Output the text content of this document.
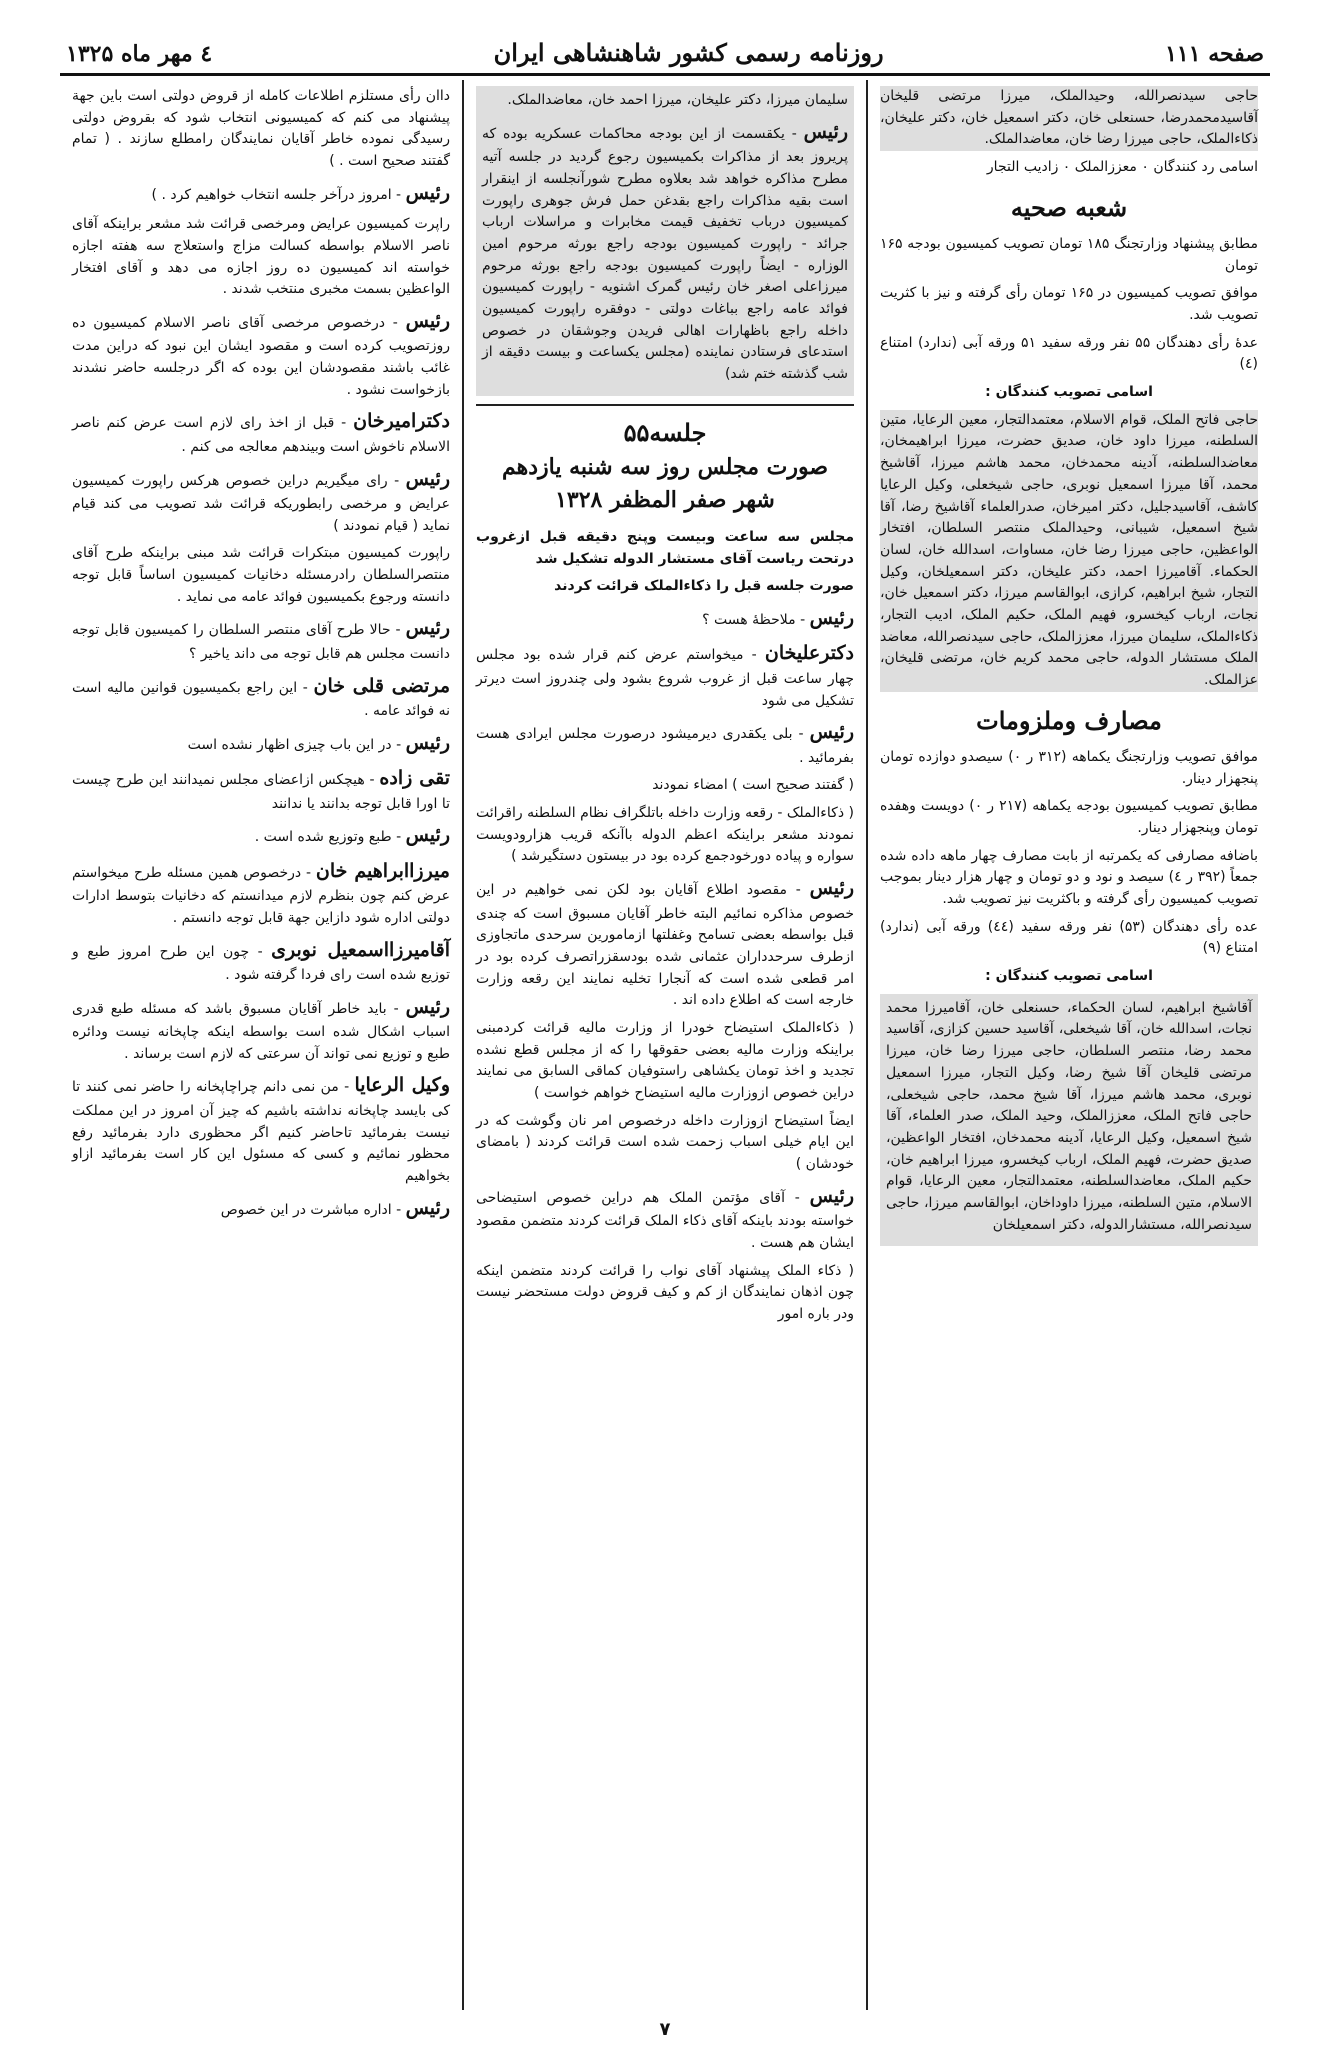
صفحه ۱۱۱
روزنامه رسمی کشور شاهنشاهی ایران
٤ مهر ماه ۱۳۲۵

حاجی سیدنصرالله، وحیدالملک، میرزا مرتضی قلیخان آقاسیدمحمدرضا، حسنعلی خان، دکتر اسمعیل خان، دکتر علیخان، ذکاءالملک، حاجی میرزا رضا خان، معاضدالملک.

اسامی رد کنندگان ۰ معززالملک ۰ زادیب التجار

شعبه صحیه

مطابق پیشنهاد وزارتجنگ ۱۸۵ تومان تصویب کمیسیون بودجه ۱۶۵ تومان

موافق تصویب کمیسیون در ۱۶۵ تومان رأی گرفته و نیز با کثریت تصویب شد.

عدهٔ رأی دهندگان ۵۵ نفر ورقه سفید ۵۱ ورقه آبی (ندارد) امتناع (٤)

اسامی تصویب کنندگان :

حاجی فاتح الملک، قوام الاسلام، معتمدالتجار، معین الرعایا، متین السلطنه، میرزا داود خان، صدیق حضرت، میرزا ابراهیمخان، معاضدالسلطنه، آدینه محمدخان، محمد هاشم میرزا، آقاشیخ محمد، آقا میرزا اسمعیل نوبری، حاجی شیخعلی، وکیل الرعایا کاشف، آقاسیدجلیل، دکتر امیرخان، صدرالعلماء آقاشیخ رضا، آقا شیخ اسمعیل، شیبانی، وحیدالملک منتصر السلطان، افتخار الواعظین، حاجی میرزا رضا خان، مساوات، اسدالله خان، لسان الحکماء. آقامیرزا احمد، دکتر علیخان، دکتر اسمعیلخان، وکیل التجار، شیخ ابراهیم، کرازی، ابوالقاسم میرزا، دکتر اسمعیل خان، نجات، ارباب کیخسرو، فهیم الملک، حکیم الملک، ادیب التجار، ذکاءالملک، سلیمان میرزا، معززالملک، حاجی سیدنصرالله، معاضد الملک مستشار الدوله، حاجی محمد کریم خان، مرتضی قلیخان، عزالملک.

مصارف وملزومات

موافق تصویب وزارتجنگ یکماهه (۳۱۲ ر ۰) سیصدو دوازده تومان پنجهزار دینار.

مطابق تصویب کمیسیون بودجه یکماهه (۲۱۷ ر ۰) دویست وهفده تومان وپنجهزار دینار.

باضافه مصارفی که یکمرتبه از بابت مصارف چهار ماهه داده شده جمعاً (۳۹۲ ر ٤) سیصد و نود و دو تومان و چهار هزار دینار بموجب تصویب کمیسیون رأی گرفته و باکثریت نیز تصویب شد.

عده رأی دهندگان (۵۳) نفر ورقه سفید (٤٤) ورقه آبی (ندارد) امتناع (۹)

اسامی تصویب کنندگان :

آقاشیخ ابراهیم، لسان الحکماء، حسنعلی خان، آقامیرزا محمد نجات، اسدالله خان، آقا شیخعلی، آقاسید حسین کزازی، آقاسید محمد رضا، منتصر السلطان، حاجی میرزا رضا خان، میرزا مرتضی قلیخان آقا شیخ رضا، وکیل التجار، میرزا اسمعیل نوبری، محمد هاشم میرزا، آقا شیخ محمد، حاجی شیخعلی، حاجی فاتح الملک، معززالملک، وحید الملک، صدر العلماء، آقا شیخ اسمعیل، وکیل الرعایا، آدینه محمدخان، افتخار الواعظین، صدیق حضرت، فهیم الملک، ارباب کیخسرو، میرزا ابراهیم خان، حکیم الملک، معاضدالسلطنه، معتمدالتجار، معین الرعایا، قوام الاسلام، متین السلطنه، میرزا داوداخان، ابوالقاسم میرزا، حاجی سیدنصرالله، مستشارالدوله، دکتر اسمعیلخان

سلیمان میرزا، دکتر علیخان، میرزا احمد خان، معاضدالملک.

رئیس - یکقسمت از این بودجه محاکمات عسکریه بوده که پریروز بعد از مذاکرات بکمیسیون رجوع گردید در جلسه آتیه مطرح مذاکره خواهد شد بعلاوه مطرح شورآنجلسه از اینقرار است بقیه مذاکرات راجع بقدغن حمل فرش جوهری راپورت کمیسیون درباب تخفیف قیمت مخابرات و مراسلات ارباب جرائد - راپورت کمیسیون بودجه راجع بورثه مرحوم امین الوزاره - ایضاً راپورت کمیسیون بودجه راجع بورثه مرحوم میرزاعلی اصغر خان رئیس گمرک اشنویه - راپورت کمیسیون فوائد عامه راجع بباغات دولتی - دوفقره راپورت کمیسیون داخله راجع باظهارات اهالی فریدن وجوشقان در خصوص استدعای فرستادن نماینده (مجلس یکساعت و بیست دقیقه از شب گذشته ختم شد)

جلسه۵۵
صورت مجلس روز سه شنبه یازدهم
شهر صفر المظفر ۱۳۲۸

مجلس سه ساعت وبیست وپنج دقیقه قبل ازغروب درتحت ریاست آقای مستشار الدوله تشکیل شد

صورت جلسه قبل را ذکاءالملک قرائت کردند

رئیس - ملاحظهٔ هست ؟

دکترعلیخان - میخواستم عرض کنم قرار شده بود مجلس چهار ساعت قبل از غروب شروع بشود ولی چندروز است دیرتر تشکیل می شود

رئیس - بلی یکقدری دیرمیشود درصورت مجلس ایرادی هست بفرمائید .

( گفتند صحیح است ) امضاء نمودند

( ذکاءالملک - رقعه وزارت داخله باتلگراف نظام السلطنه راقرائت نمودند مشعر براینکه اعظم الدوله باآنکه قریب هزارودویست سواره و پیاده دورخودجمع کرده بود در بیستون دستگیرشد )

رئیس - مقصود اطلاع آقایان بود لکن نمی خواهیم در این خصوص مذاکره نمائیم البته خاطر آقایان مسبوق است که چندی قبل بواسطه بعضی تسامح وغفلتها ازمامورین سرحدی ماتجاوزی ازطرف سرحدداران عثمانی شده بودسقزراتصرف کرده بود در امر قطعی شده است که آنجارا تخلیه نمایند این رقعه وزارت خارجه است که اطلاع داده اند .

( ذکاءالملک استیضاح خودرا از وزارت مالیه قرائت کردمبنی براینکه وزارت مالیه بعضی حقوقها را که از مجلس قطع نشده تجدید و اخذ تومان یکشاهی راستوفیان کماقی السابق می نمایند دراین خصوص ازوزارت مالیه استیضاح خواهم خواست )

ایضاً استیضاح ازوزارت داخله درخصوص امر نان وگوشت که در این ایام خیلی اسباب زحمت شده است قرائت کردند ( بامضای خودشان )

رئیس - آقای مؤتمن الملک هم دراین خصوص استیضاحی خواسته بودند باینکه آقای ذکاء الملک قرائت کردند متضمن مقصود ایشان هم هست .

( ذکاء الملک پیشنهاد آقای نواب را قرائت کردند متضمن اینکه چون اذهان نمایندگان از کم و کیف قروض دولت مستحضر نیست ودر باره امور

داان رأی مستلزم اطلاعات کامله از قروض دولتی است باین جهة پیشنهاد می کنم که کمیسیونی انتخاب شود که بقروض دولتی رسیدگی نموده خاطر آقایان نمایندگان رامطلع سازند . ( تمام گفتند صحیح است . )

رئیس - امروز درآخر جلسه انتخاب خواهیم کرد . )

راپرت کمیسیون عرایض ومرخصی قرائت شد مشعر براینکه آقای ناصر الاسلام بواسطه کسالت مزاج واستعلاج سه هفته اجازه خواسته اند کمیسیون ده روز اجازه می دهد و آقای افتخار الواعظین بسمت مخبری منتخب شدند .

رئیس - درخصوص مرخصی آقای ناصر الاسلام کمیسیون ده روزتصویب کرده است و مقصود ایشان این نبود که دراین مدت غائب باشند مقصودشان این بوده که اگر درجلسه حاضر نشدند بازخواست نشود .

دکترامیرخان - قبل از اخذ رای لازم است عرض کنم ناصر الاسلام ناخوش است وبیندهم معالجه می کنم .

رئیس - رای میگیریم دراین خصوص هرکس راپورت کمیسیون عرایض و مرخصی رابطوریکه قرائت شد تصویب می کند قیام نماید ( قیام نمودند )

راپورت کمیسیون مبتکرات قرائت شد مبنی براینکه طرح آقای منتصرالسلطان رادرمسئله دخانیات کمیسیون اساساً قابل توجه دانسته ورجوع بکمیسیون فوائد عامه می نماید .

رئیس - حالا طرح آقای منتصر السلطان را کمیسیون قابل توجه دانست مجلس هم قابل توجه می داند یاخیر ؟

مرتضی قلی خان - این راجع بکمیسیون قوانین مالیه است نه فوائد عامه .

رئیس - در این باب چیزی اظهار نشده است

تقی زاده - هیچکس ازاعضای مجلس نمیدانند این طرح چیست تا اورا قابل توجه بدانند یا ندانند

رئیس - طبع وتوزیع شده است .

میرزاابراهیم خان - درخصوص همین مسئله طرح میخواستم عرض کنم چون بنظرم لازم میدانستم که دخانیات بتوسط ادارات دولتی اداره شود دازاین جهة قابل توجه دانستم .

آقامیرزااسمعیل نوبری - چون این طرح امروز طبع و توزیع شده است رای فردا گرفته شود .

رئیس - باید خاطر آقایان مسبوق باشد که مسئله طبع قدری اسباب اشکال شده است بواسطه اینکه چاپخانه نیست ودائره طبع و توزیع نمی تواند آن سرعتی که لازم است برساند .

وکیل الرعایا - من نمی دانم چراچاپخانه را حاضر نمی کنند تا کی بایسد چاپخانه نداشته باشیم که چیز آن امروز در این مملکت نیست بفرمائید تاحاضر کنیم اگر محظوری دارد بفرمائید رفع محظور نمائیم و کسی که مسئول این کار است بفرمائید ازاو بخواهیم

رئیس - اداره مباشرت در این خصوص

۷
